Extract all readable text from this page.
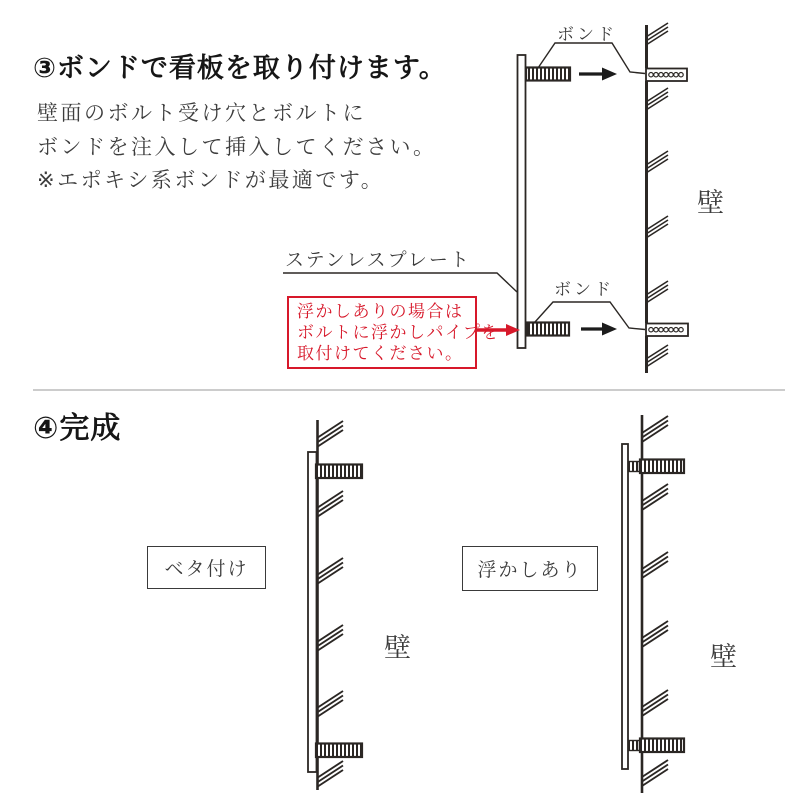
③ボンドで看板を取り付けます。
壁面のボルト受け穴とボルトに
ボンドを注入して挿入してください。
※エポキシ系ボンドが最適です。
ボンド
ボンド
ステンレスプレート
浮かしありの場合は
ボルトに浮かしパイプを
取付けてください。
壁
④完成
ベタ付け	浮かしあり
壁	壁
